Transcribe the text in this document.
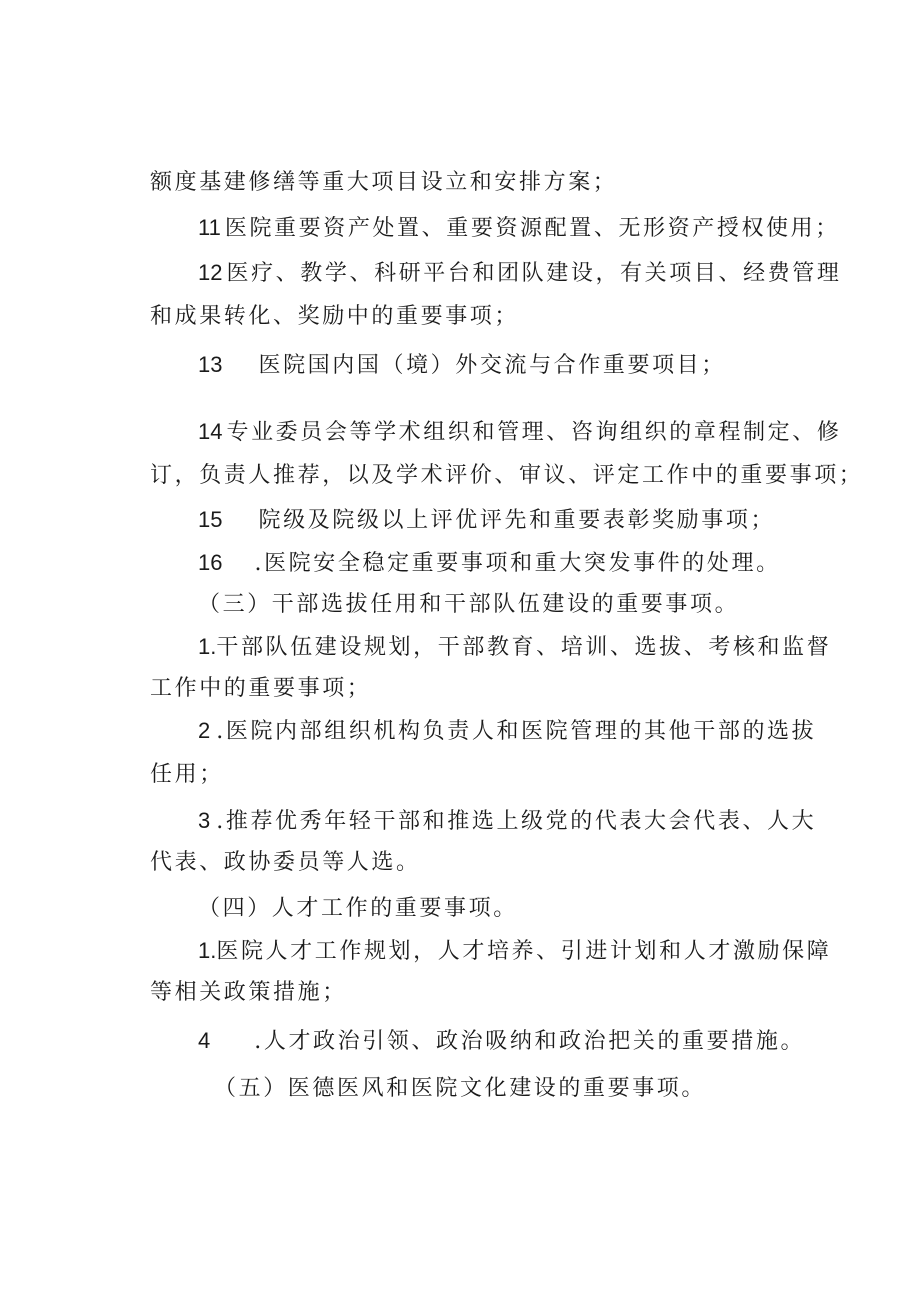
额度基建修缮等重大项目设立和安排方案；
11 医院重要资产处置、重要资源配置、无形资产授权使用；
12 医疗、教学、科研平台和团队建设，有关项目、经费管理
和成果转化、奖励中的重要事项；
13 医院国内国（境）外交流与合作重要项目；
14 专业委员会等学术组织和管理、咨询组织的章程制定、修
订，负责人推荐，以及学术评价、审议、评定工作中的重要事项；
15 院级及院级以上评优评先和重要表彰奖励事项；
16 .医院安全稳定重要事项和重大突发事件的处理。
（三）干部选拔任用和干部队伍建设的重要事项。
1.干部队伍建设规划，干部教育、培训、选拔、考核和监督
工作中的重要事项；
2 .医院内部组织机构负责人和医院管理的其他干部的选拔
任用；
3 .推荐优秀年轻干部和推选上级党的代表大会代表、人大
代表、政协委员等人选。
（四）人才工作的重要事项。
1.医院人才工作规划，人才培养、引进计划和人才激励保障
等相关政策措施；
4 .人才政治引领、政治吸纳和政治把关的重要措施。
（五）医德医风和医院文化建设的重要事项。
